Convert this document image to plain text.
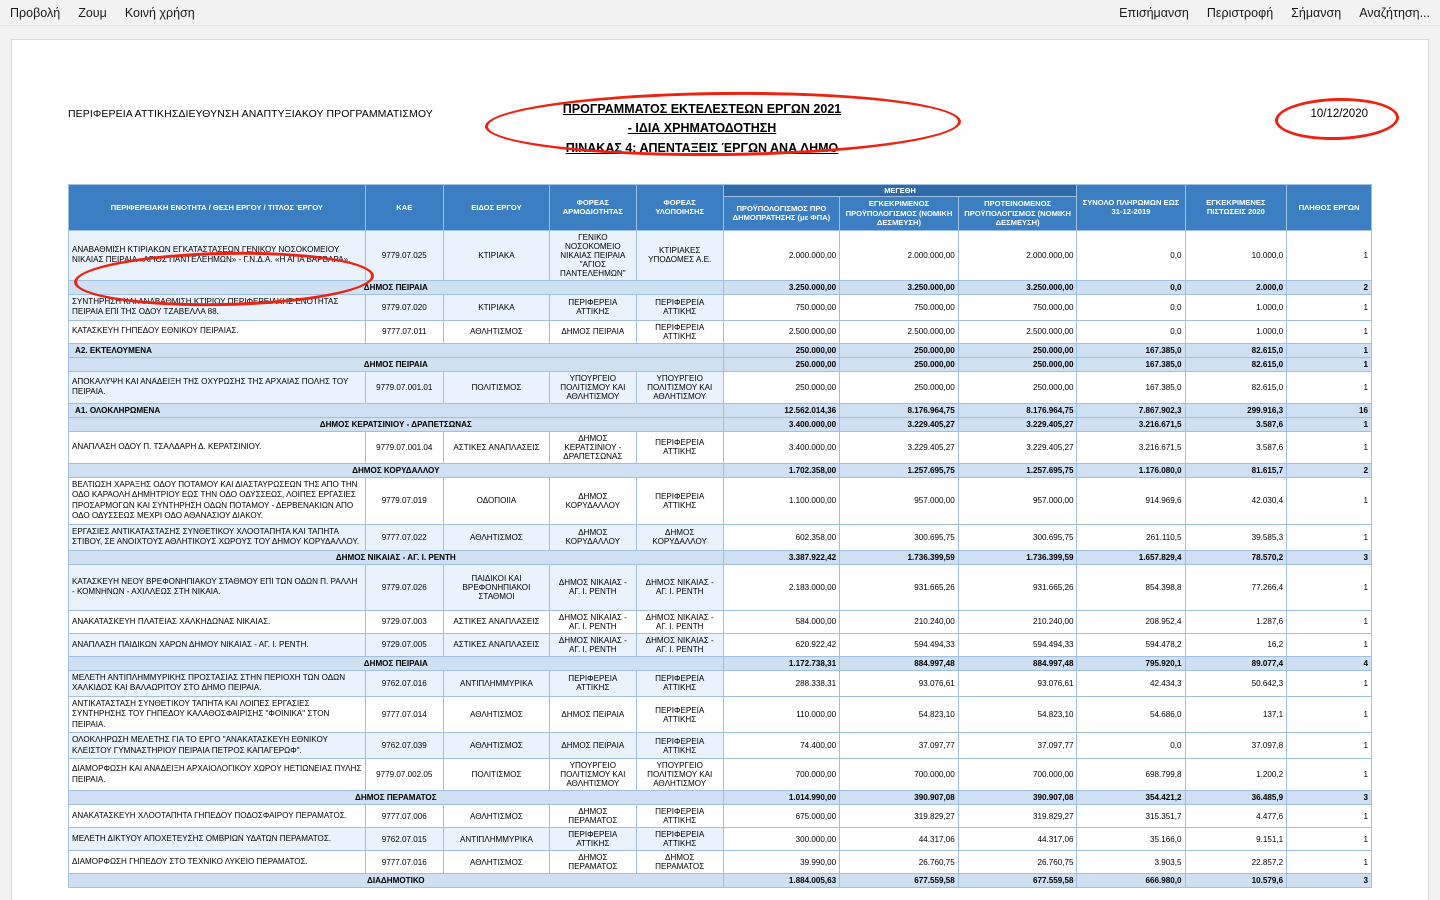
Προβολή Ζουμ Κοινή χρήση	Επισήμανση Περιστροφή Σήμανση Αναζήτηση...
ΠΕΡΙΦΕΡΕΙΑ ΑΤΤΙΚΗΣΔΙΕΥΘΥΝΣΗ ΑΝΑΠΤΥΞΙΑΚΟΥ ΠΡΟΓΡΑΜΜΑΤΙΣΜΟΥ	ΠΡΟΓΡΑΜΜΑΤΟΣ ΕΚΤΕΛΕΣΤΕΩΝ ΕΡΓΩΝ 2021
- ΙΔΙΑ ΧΡΗΜΑΤΟΔΟΤΗΣΗ
ΠΙΝΑΚΑΣ 4: ΑΠΕΝΤΑΞΕΙΣ ΈΡΓΩΝ ΑΝΑ ΔΗΜΟ
10/12/2020
ΠΕΡΙΦΕΡΕΙΑΚΗ ΕΝΟΤΗΤΑ / ΘΕΣΗ ΕΡΓΟΥ / ΤΙΤΛΟΣ ΈΡΓΟΥ	ΚΑΕ	ΕΙΔΟΣ ΕΡΓΟΥ	ΦΟΡΕΑΣ ΑΡΜΟΔΙΟΤΗΤΑΣ	ΦΟΡΕΑΣ ΥΛΟΠΟΙΗΣΗΣ	ΜΕΓΕΘΗ			ΣΥΝΟΛΟ ΠΛΗΡΩΜΩΝ ΕΩΣ 31-12-2019	ΕΓΚΕΚΡΙΜΕΝΕΣ ΠΙΣΤΩΣΕΙΣ 2020	ΠΛΗΘΟΣ ΕΡΓΩΝ
					ΠΡΟΫΠΟΛΟΓΙΣΜΟΣ ΠΡΟ ΔΗΜΟΠΡΑΤΗΣΗΣ (με ΦΠΑ)	ΕΓΚΕΚΡΙΜΕΝΟΣ ΠΡΟΫΠΟΛΟΓΙΣΜΟΣ (ΝΟΜΙΚΗ ΔΕΣΜΕΥΣΗ)	ΠΡΟΤΕΙΝΟΜΕΝΟΣ ΠΡΟΫΠΟΛΟΓΙΣΜΟΣ (ΝΟΜΙΚΗ ΔΕΣΜΕΥΣΗ)			
ΑΝΑΒΑΘΜΙΣΗ ΚΤΙΡΙΑΚΩΝ ΕΓΚΑΤΑΣΤΑΣΕΩΝ ΓΕΝΙΚΟΥ ΝΟΣΟΚΟΜΕΙΟΥ ΝΙΚΑΙΑΣ ΠΕΙΡΑΙΑ «ΑΓΙΟΣ ΠΑΝΤΕΛΕΗΜΩΝ» - Γ.Ν.Δ.Α. «Η ΑΓΙΑ ΒΑΡΒΑΡΑ».	9779.07.025	ΚΤΙΡΙΑΚΑ	ΓΕΝΙΚΟ ΝΟΣΟΚΟΜΕΙΟ ΝΙΚΑΙΑΣ ΠΕΙΡΑΙΑ "ΑΓΙΟΣ ΠΑΝΤΕΛΕΗΜΩΝ"	ΚΤΙΡΙΑΚΕΣ ΥΠΟΔΟΜΕΣ Α.Ε.	2.000.000,00	2.000.000,00	2.000.000,00	0,0	10.000,0	1
ΔΗΜΟΣ ΠΕΙΡΑΙΑ					3.250.000,00	3.250.000,00	3.250.000,00	0,0	2.000,0	2
ΣΥΝΤΗΡΗΣΗ ΚΑΙ ΑΝΑΒΑΘΜΙΣΗ ΚΤΙΡΙΟΥ ΠΕΡΙΦΕΡΕΙΑΚΗΣ ΕΝΟΤΗΤΑΣ ΠΕΙΡΑΙΑ ΕΠΙ ΤΗΣ ΟΔΟΥ ΤΖΑΒΕΛΛΑ 88.	9779.07.020	ΚΤΙΡΙΑΚΑ	ΠΕΡΙΦΕΡΕΙΑ ΑΤΤΙΚΗΣ	ΠΕΡΙΦΕΡΕΙΑ ΑΤΤΙΚΗΣ	750.000,00	750.000,00	750.000,00	0,0	1.000,0	1
ΚΑΤΑΣΚΕΥΗ ΓΗΠΕΔΟΥ ΕΘΝΙΚΟΥ ΠΕΙΡΑΙΑΣ.	9777.07.011	ΑΘΛΗΤΙΣΜΟΣ	ΔΗΜΟΣ ΠΕΙΡΑΙΑ	ΠΕΡΙΦΕΡΕΙΑ ΑΤΤΙΚΗΣ	2.500.000,00	2.500.000,00	2.500.000,00	0,0	1.000,0	1
Α2. ΕΚΤΕΛΟΥΜΕΝΑ					250.000,00	250.000,00	250.000,00	167.385,0	82.615,0	1
ΔΗΜΟΣ ΠΕΙΡΑΙΑ					250.000,00	250.000,00	250.000,00	167.385,0	82.615,0	1
ΑΠΟΚΑΛΥΨΗ ΚΑΙ ΑΝΑΔΕΙΞΗ ΤΗΣ ΟΧΥΡΩΣΗΣ ΤΗΣ ΑΡΧΑΙΑΣ ΠΟΛΗΣ ΤΟΥ ΠΕΙΡΑΙΑ.	9779.07.001.01	ΠΟΛΙΤΙΣΜΟΣ	ΥΠΟΥΡΓΕΙΟ ΠΟΛΙΤΙΣΜΟΥ ΚΑΙ ΑΘΛΗΤΙΣΜΟΥ	ΥΠΟΥΡΓΕΙΟ ΠΟΛΙΤΙΣΜΟΥ ΚΑΙ ΑΘΛΗΤΙΣΜΟΥ	250.000,00	250.000,00	250.000,00	167.385,0	82.615,0	1
Α1. ΟΛΟΚΛΗΡΩΜΕΝΑ					12.562.014,36	8.176.964,75	8.176.964,75	7.867.902,3	299.916,3	16
ΔΗΜΟΣ ΚΕΡΑΤΣΙΝΙΟΥ - ΔΡΑΠΕΤΣΩΝΑΣ					3.400.000,00	3.229.405,27	3.229.405,27	3.216.671,5	3.587,6	1
ΑΝΑΠΛΑΣΗ ΟΔΟΥ Π. ΤΣΑΛΔΑΡΗ Δ. ΚΕΡΑΤΣΙΝΙΟΥ.	9779.07.001.04	ΑΣΤΙΚΕΣ ΑΝΑΠΛΑΣΕΙΣ	ΔΗΜΟΣ ΚΕΡΑΤΣΙΝΙΟΥ - ΔΡΑΠΕΤΣΩΝΑΣ	ΠΕΡΙΦΕΡΕΙΑ ΑΤΤΙΚΗΣ	3.400.000,00	3.229.405,27	3.229.405,27	3.216.671,5	3.587,6	1
ΔΗΜΟΣ ΚΟΡΥΔΑΛΛΟΥ					1.702.358,00	1.257.695,75	1.257.695,75	1.176.080,0	81.615,7	2
ΒΕΛΤΙΩΣΗ ΧΑΡΑΞΗΣ ΟΔΟΥ ΠΟΤΑΜΟΥ ΚΑΙ ΔΙΑΣΤΑΥΡΩΣΕΩΝ ΤΗΣ ΑΠΟ ΤΗΝ ΟΔΟ ΚΑΡΑΟΛΗ ΔΗΜΗΤΡΙΟΥ ΕΩΣ ΤΗΝ ΟΔΟ ΟΔΥΣΣΕΩΣ, ΛΟΙΠΕΣ ΕΡΓΑΣΙΕΣ ΠΡΟΣΑΡΜΟΓΩΝ ΚΑΙ ΣΥΝΤΗΡΗΣΗ ΟΔΩΝ ΠΟΤΑΜΟΥ - ΔΕΡΒΕΝΑΚΙΩΝ ΑΠΟ ΟΔΟ ΟΔΥΣΣΕΩΣ ΜΕΧΡΙ ΟΔΟ ΑΘΑΝΑΣΙΟΥ ΔΙΑΚΟΥ.	9779.07.019	ΟΔΟΠΟΙΙΑ	ΔΗΜΟΣ ΚΟΡΥΔΑΛΛΟΥ	ΠΕΡΙΦΕΡΕΙΑ ΑΤΤΙΚΗΣ	1.100.000,00	957.000,00	957.000,00	914.969,6	42.030,4	1
ΕΡΓΑΣΙΕΣ ΑΝΤΙΚΑΤΑΣΤΑΣΗΣ ΣΥΝΘΕΤΙΚΟΥ ΧΛΟΟΤΑΠΗΤΑ ΚΑΙ ΤΑΠΗΤΑ ΣΤΙΒΟΥ, ΣΕ ΑΝΟΙΧΤΟΥΣ ΑΘΛΗΤΙΚΟΥΣ ΧΩΡΟΥΣ ΤΟΥ ΔΗΜΟΥ ΚΟΡΥΔΑΛΛΟΥ.	9777.07.022	ΑΘΛΗΤΙΣΜΟΣ	ΔΗΜΟΣ ΚΟΡΥΔΑΛΛΟΥ	ΔΗΜΟΣ ΚΟΡΥΔΑΛΛΟΥ	602.358,00	300.695,75	300.695,75	261.110,5	39.585,3	1
ΔΗΜΟΣ ΝΙΚΑΙΑΣ - ΑΓ. Ι. ΡΕΝΤΗ					3.387.922,42	1.736.399,59	1.736.399,59	1.657.829,4	78.570,2	3
ΚΑΤΑΣΚΕΥΗ ΝΕΟΥ ΒΡΕΦΟΝΗΠΙΑΚΟΥ ΣΤΑΘΜΟΥ ΕΠΙ ΤΩΝ ΟΔΩΝ Π. ΡΑΛΛΗ - ΚΟΜΝΗΝΩΝ - ΑΧΙΛΛΕΩΣ ΣΤΗ ΝΙΚΑΙΑ.	9779.07.026	ΠΑΙΔΙΚΟΙ ΚΑΙ ΒΡΕΦΟΝΗΠΙΑΚΟΙ ΣΤΑΘΜΟΙ	ΔΗΜΟΣ ΝΙΚΑΙΑΣ - ΑΓ. Ι. ΡΕΝΤΗ	ΔΗΜΟΣ ΝΙΚΑΙΑΣ - ΑΓ. Ι. ΡΕΝΤΗ	2.183.000,00	931.665,26	931.665,26	854.398,8	77.266,4	1
ΑΝΑΚΑΤΑΣΚΕΥΗ ΠΛΑΤΕΙΑΣ ΧΑΛΚΗΔΩΝΑΣ ΝΙΚΑΙΑΣ.	9729.07.003	ΑΣΤΙΚΕΣ ΑΝΑΠΛΑΣΕΙΣ	ΔΗΜΟΣ ΝΙΚΑΙΑΣ - ΑΓ. Ι. ΡΕΝΤΗ	ΔΗΜΟΣ ΝΙΚΑΙΑΣ - ΑΓ. Ι. ΡΕΝΤΗ	584.000,00	210.240,00	210.240,00	208.952,4	1.287,6	1
ΑΝΑΠΛΑΣΗ ΠΑΙΔΙΚΩΝ ΧΑΡΩΝ ΔΗΜΟΥ ΝΙΚΑΙΑΣ - ΑΓ. Ι. ΡΕΝΤΗ.	9729.07.005	ΑΣΤΙΚΕΣ ΑΝΑΠΛΑΣΕΙΣ	ΔΗΜΟΣ ΝΙΚΑΙΑΣ - ΑΓ. Ι. ΡΕΝΤΗ	ΔΗΜΟΣ ΝΙΚΑΙΑΣ - ΑΓ. Ι. ΡΕΝΤΗ	620.922,42	594.494,33	594.494,33	594.478,2	16,2	1
ΔΗΜΟΣ ΠΕΙΡΑΙΑ					1.172.738,31	884.997,48	884.997,48	795.920,1	89.077,4	4
ΜΕΛΕΤΗ ΑΝΤΙΠΛΗΜΜΥΡΙΚΗΣ ΠΡΟΣΤΑΣΙΑΣ ΣΤΗΝ ΠΕΡΙΟΧΗ ΤΩΝ ΟΔΩΝ ΧΑΛΚΙΔΟΣ ΚΑΙ ΒΑΛΑΩΡΙΤΟΥ ΣΤΟ ΔΗΜΟ ΠΕΙΡΑΙΑ.	9762.07.016	ΑΝΤΙΠΛΗΜΜΥΡΙΚΑ	ΠΕΡΙΦΕΡΕΙΑ ΑΤΤΙΚΗΣ	ΠΕΡΙΦΕΡΕΙΑ ΑΤΤΙΚΗΣ	288.338,31	93.076,61	93.076,61	42.434,3	50.642,3	1
ΑΝΤΙΚΑΤΑΣΤΑΣΗ ΣΥΝΘΕΤΙΚΟΥ ΤΑΠΗΤΑ ΚΑΙ ΛΟΙΠΕΣ ΕΡΓΑΣΙΕΣ ΣΥΝΤΗΡΗΣΗΣ ΤΟΥ ΓΗΠΕΔΟΥ ΚΑΛΑΘΟΣΦΑΙΡΙΣΗΣ "ΦΟΙΝΙΚΑ" ΣΤΟΝ ΠΕΙΡΑΙΑ.	9777.07.014	ΑΘΛΗΤΙΣΜΟΣ	ΔΗΜΟΣ ΠΕΙΡΑΙΑ	ΠΕΡΙΦΕΡΕΙΑ ΑΤΤΙΚΗΣ	110.000,00	54.823,10	54.823,10	54.686,0	137,1	1
ΟΛΟΚΛΗΡΩΣΗ ΜΕΛΕΤΗΣ ΓΙΑ ΤΟ ΕΡΓΟ "ΑΝΑΚΑΤΑΣΚΕΥΗ ΕΘΝΙΚΟΥ ΚΛΕΙΣΤΟΥ ΓΥΜΝΑΣΤΗΡΙΟΥ ΠΕΙΡΑΙΑ ΠΕΤΡΟΣ ΚΑΠΑΓΕΡΩΦ".	9762.07.039	ΑΘΛΗΤΙΣΜΟΣ	ΔΗΜΟΣ ΠΕΙΡΑΙΑ	ΠΕΡΙΦΕΡΕΙΑ ΑΤΤΙΚΗΣ	74.400,00	37.097,77	37.097,77	0,0	37.097,8	1
ΔΙΑΜΟΡΦΩΣΗ ΚΑΙ ΑΝΑΔΕΙΞΗ ΑΡΧΑΙΟΛΟΓΙΚΟΥ ΧΩΡΟΥ ΗΕΤΙΩΝΕΙΑΣ ΠΥΛΗΣ ΠΕΙΡΑΙΑ.	9779.07.002.05	ΠΟΛΙΤΙΣΜΟΣ	ΥΠΟΥΡΓΕΙΟ ΠΟΛΙΤΙΣΜΟΥ ΚΑΙ ΑΘΛΗΤΙΣΜΟΥ	ΥΠΟΥΡΓΕΙΟ ΠΟΛΙΤΙΣΜΟΥ ΚΑΙ ΑΘΛΗΤΙΣΜΟΥ	700.000,00	700.000,00	700.000,00	698.799,8	1.200,2	1
ΔΗΜΟΣ ΠΕΡΑΜΑΤΟΣ					1.014.990,00	390.907,08	390.907,08	354.421,2	36.485,9	3
ΑΝΑΚΑΤΑΣΚΕΥΗ ΧΛΟΟΤΑΠΗΤΑ ΓΗΠΕΔΟΥ ΠΟΔΟΣΦΑΙΡΟΥ ΠΕΡΑΜΑΤΟΣ.	9777.07.006	ΑΘΛΗΤΙΣΜΟΣ	ΔΗΜΟΣ ΠΕΡΑΜΑΤΟΣ	ΠΕΡΙΦΕΡΕΙΑ ΑΤΤΙΚΗΣ	675.000,00	319.829,27	319.829,27	315.351,7	4.477,6	1
ΜΕΛΕΤΗ ΔΙΚΤΥΟΥ ΑΠΟΧΕΤΕΥΣΗΣ ΟΜΒΡΙΩΝ ΥΔΑΤΩΝ ΠΕΡΑΜΑΤΟΣ.	9762.07.015	ΑΝΤΙΠΛΗΜΜΥΡΙΚΑ	ΠΕΡΙΦΕΡΕΙΑ ΑΤΤΙΚΗΣ	ΠΕΡΙΦΕΡΕΙΑ ΑΤΤΙΚΗΣ	300.000,00	44.317,06	44.317,06	35.166,0	9.151,1	1
ΔΙΑΜΟΡΦΩΣΗ ΓΗΠΕΔΟΥ ΣΤΟ ΤΕΧΝΙΚΟ ΛΥΚΕΙΟ ΠΕΡΑΜΑΤΟΣ.	9777.07.016	ΑΘΛΗΤΙΣΜΟΣ	ΔΗΜΟΣ ΠΕΡΑΜΑΤΟΣ	ΔΗΜΟΣ ΠΕΡΑΜΑΤΟΣ	39.990,00	26.760,75	26.760,75	3.903,5	22.857,2	1
ΔΙΑΔΗΜΟΤΙΚΟ					1.884.005,63	677.559,58	677.559,58	666.980,0	10.579,6	3
